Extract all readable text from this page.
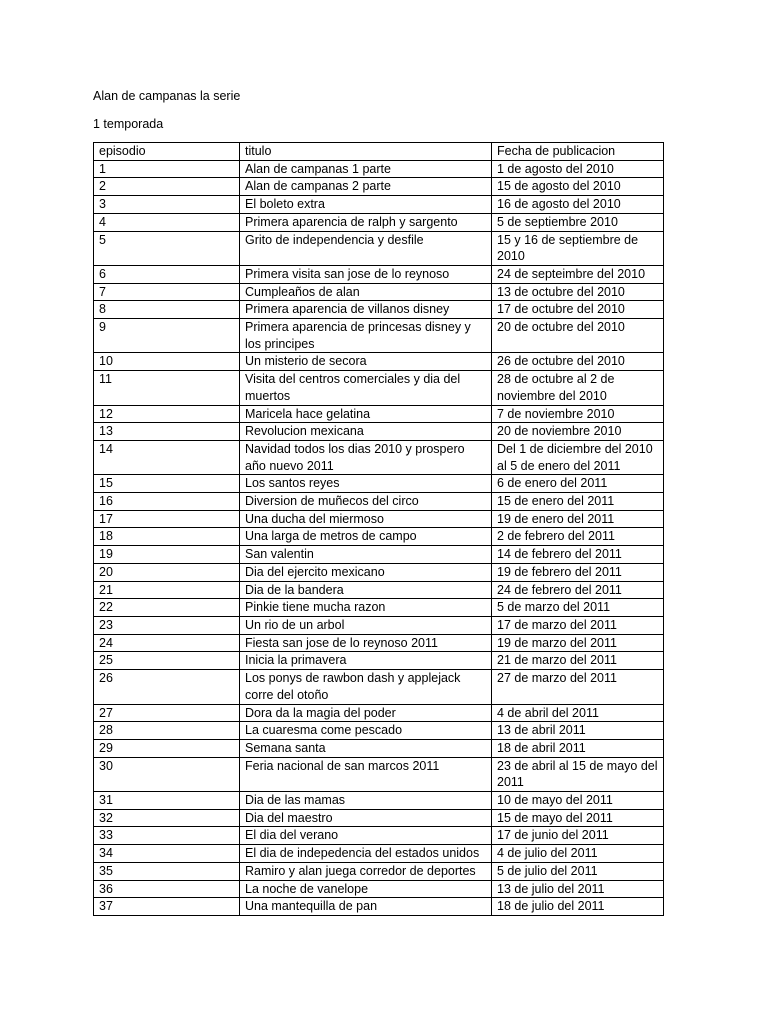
Alan de campanas la serie
1 temporada
episodio	titulo	Fecha de publicacion
1	Alan de campanas 1 parte	1 de agosto del 2010
2	Alan de campanas 2 parte	15 de agosto del 2010
3	El boleto extra	16 de agosto del 2010
4	Primera aparencia de ralph y sargento	5 de septiembre 2010
5	Grito de independencia y desfile	15 y 16 de septiembre de 2010
6	Primera visita san jose de lo reynoso	24 de septeimbre del 2010
7	Cumpleaños de alan	13 de octubre del 2010
8	Primera aparencia de villanos disney	17 de octubre del 2010
9	Primera aparencia de princesas disney y los principes	20 de octubre del 2010
10	Un misterio de secora	26 de octubre del 2010
11	Visita del centros comerciales y dia del muertos	28 de octubre al 2 de noviembre del 2010
12	Maricela hace gelatina	7 de noviembre 2010
13	Revolucion mexicana	20 de noviembre 2010
14	Navidad todos los dias 2010 y prospero año nuevo 2011	Del 1 de diciembre del 2010 al 5 de enero del 2011
15	Los santos reyes	6 de enero del 2011
16	Diversion de muñecos del circo	15 de enero del 2011
17	Una ducha del miermoso	19 de enero del 2011
18	Una larga de metros de campo	2 de febrero del 2011
19	San valentin	14 de febrero del 2011
20	Dia del ejercito mexicano	19 de febrero del 2011
21	Dia de la bandera	24 de febrero del 2011
22	Pinkie tiene mucha razon	5 de marzo del 2011
23	Un rio de un arbol	17 de marzo del 2011
24	Fiesta san jose de lo reynoso 2011	19 de marzo del 2011
25	Inicia la primavera	21 de marzo del 2011
26	Los ponys de rawbon dash y applejack corre del otoño	27 de marzo del 2011
27	Dora da la magia del poder	4 de abril del 2011
28	La cuaresma come pescado	13 de abril 2011
29	Semana santa	18 de abril 2011
30	Feria nacional de san marcos 2011	23 de abril al 15 de mayo del 2011
31	Dia de las mamas	10 de mayo del 2011
32	Dia del maestro	15 de mayo del 2011
33	El dia del verano	17 de junio del 2011
34	El dia de indepedencia del estados unidos	4 de julio del 2011
35	Ramiro y alan juega corredor de deportes	5 de julio del 2011
36	La noche de vanelope	13 de julio del 2011
37	Una mantequilla de pan	18 de julio del 2011
